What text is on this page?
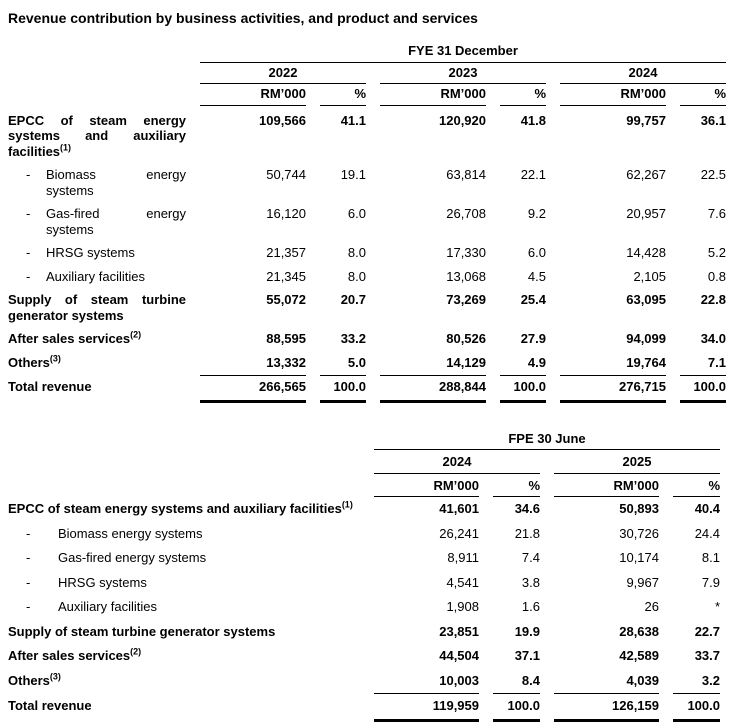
Revenue contribution by business activities, and product and services
	FYE 31 December					
	2022		2023		2024	
	RM’000	%	RM’000	%	RM’000	%
EPCC of steam energy systems and auxiliary facilities$^{(1)}$	109,566	41.1	120,920	41.8	99,757	36.1

- Biomass energy systems	50,744	19.1	63,814	22.1	62,267	22.5

- Gas-fired energy systems	16,120	6.0	26,708	9.2	20,957	7.6

- HRSG systems	21,357	8.0	17,330	6.0	14,428	5.2

- Auxiliary facilities	21,345	8.0	13,068	4.5	2,105	0.8
Supply of steam turbine generator systems	55,072	20.7	73,269	25.4	63,095	22.8
After sales services$^{(2)}$	88,595	33.2	80,526	27.9	94,099	34.0
Others$^{(3)}$	13,332	5.0	14,129	4.9	19,764	7.1
Total revenue	266,565	100.0	288,844	100.0	276,715	100.0
	FPE 30 June			
	2024		2025	
	RM’000	%	RM’000	%
EPCC of steam energy systems and auxiliary facilities$^{(1)}$	41,601	34.6	50,893	40.4

- Biomass energy systems	26,241	21.8	30,726	24.4

- Gas-fired energy systems	8,911	7.4	10,174	8.1

- HRSG systems	4,541	3.8	9,967	7.9

- Auxiliary facilities	1,908	1.6	26	*
Supply of steam turbine generator systems	23,851	19.9	28,638	22.7
After sales services$^{(2)}$	44,504	37.1	42,589	33.7
Others$^{(3)}$	10,003	8.4	4,039	3.2
Total revenue	119,959	100.0	126,159	100.0
